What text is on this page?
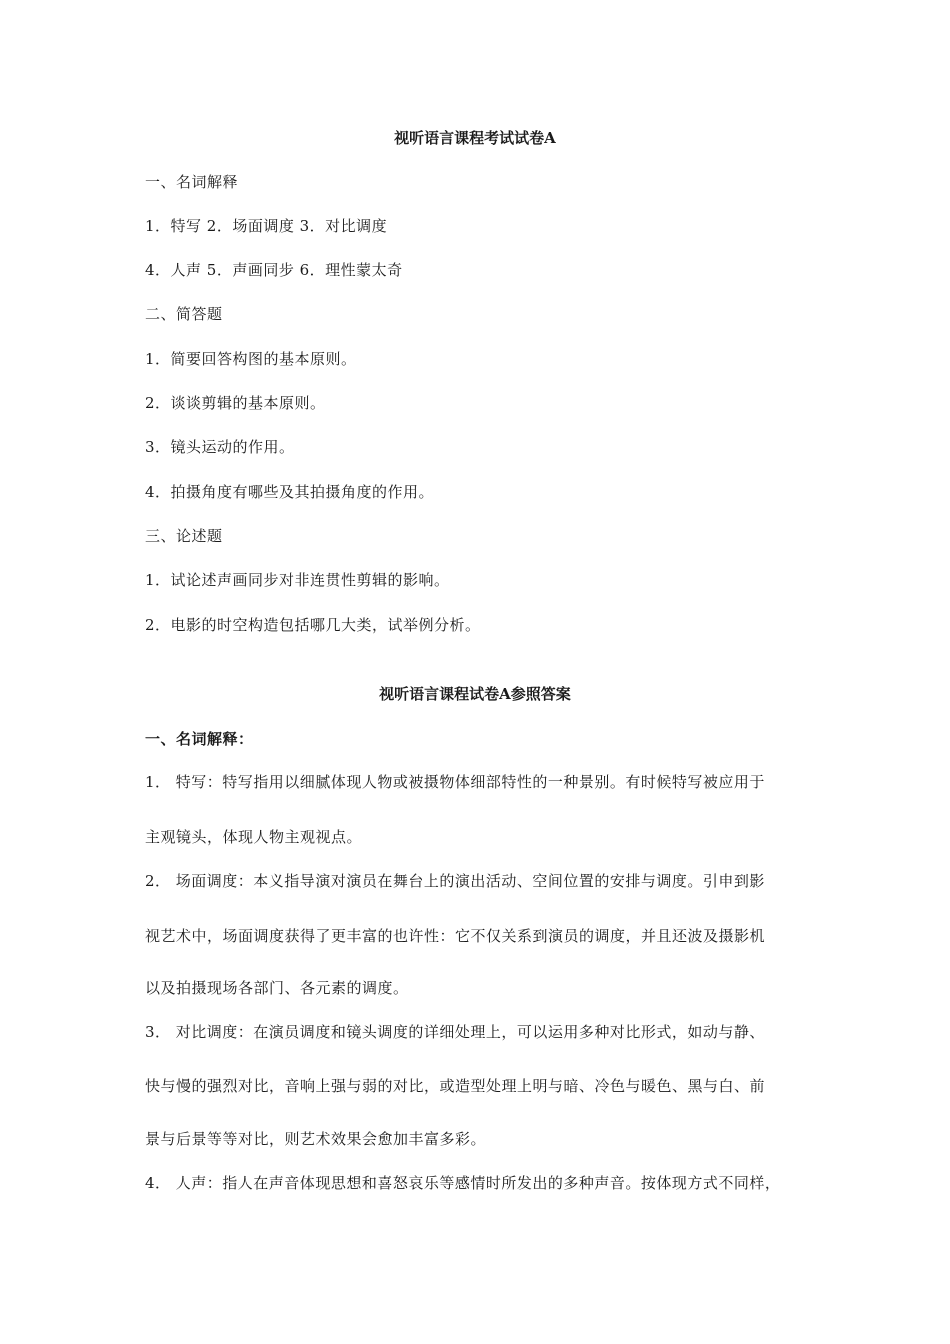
视听语言课程考试试卷A
一、名词解释
1．特写 2．场面调度 3．对比调度
4．人声 5．声画同步 6．理性蒙太奇
二、简答题
1．简要回答构图的基本原则。
2．谈谈剪辑的基本原则。
3．镜头运动的作用。
4．拍摄角度有哪些及其拍摄角度的作用。
三、论述题
1．试论述声画同步对非连贯性剪辑的影响。
2．电影的时空构造包括哪几大类，试举例分析。
视听语言课程试卷A参照答案
一、名词解释：
1． 特写：特写指用以细腻体现人物或被摄物体细部特性的一种景别。有时候特写被应用于
主观镜头，体现人物主观视点。
2． 场面调度：本义指导演对演员在舞台上的演出活动、空间位置的安排与调度。引申到影
视艺术中，场面调度获得了更丰富的也许性：它不仅关系到演员的调度，并且还波及摄影机
以及拍摄现场各部门、各元素的调度。
3． 对比调度：在演员调度和镜头调度的详细处理上，可以运用多种对比形式，如动与静、
快与慢的强烈对比，音响上强与弱的对比，或造型处理上明与暗、冷色与暖色、黑与白、前
景与后景等等对比，则艺术效果会愈加丰富多彩。
4． 人声：指人在声音体现思想和喜怒哀乐等感情时所发出的多种声音。按体现方式不同样，
